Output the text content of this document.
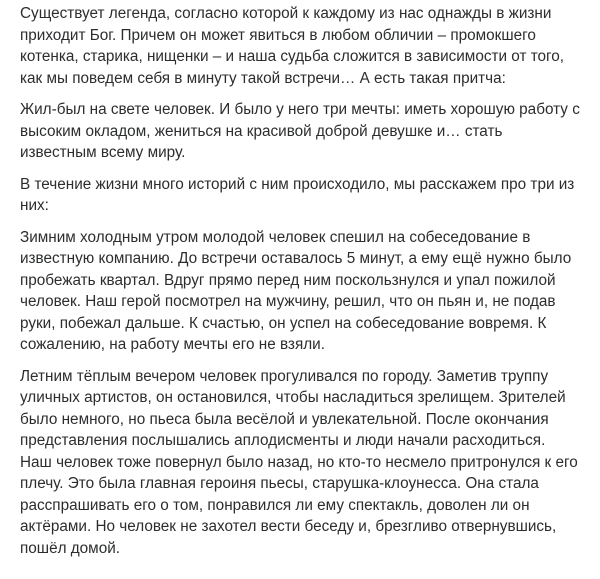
Существует легенда, согласно которой к каждому из нас однажды в жизни приходит Бог. Причем он может явиться в любом обличии – промокшего котенка, старика, нищенки – и наша судьба сложится в зависимости от того, как мы поведем себя в минуту такой встречи… А есть такая притча:

Жил-был на свете человек. И было у него три мечты: иметь хорошую работу с высоким окладом, жениться на красивой доброй девушке и… стать известным всему миру.

В течение жизни много историй с ним происходило, мы расскажем про три из них:

Зимним холодным утром молодой человек спешил на собеседование в известную компанию. До встречи оставалось 5 минут, а ему ещё нужно было пробежать квартал. Вдруг прямо перед ним поскользнулся и упал пожилой человек. Наш герой посмотрел на мужчину, решил, что он пьян и, не подав руки, побежал дальше. К счастью, он успел на собеседование вовремя. К сожалению, на работу мечты его не взяли.

Летним тёплым вечером человек прогуливался по городу. Заметив труппу уличных артистов, он остановился, чтобы насладиться зрелищем. Зрителей было немного, но пьеса была весёлой и увлекательной. После окончания представления послышались аплодисменты и люди начали расходиться. Наш человек тоже повернул было назад, но кто-то несмело притронулся к его плечу. Это была главная героиня пьесы, старушка-клоунесса. Она стала расспрашивать его о том, понравился ли ему спектакль, доволен ли он актёрами. Но человек не захотел вести беседу и, брезгливо отвернувшись, пошёл домой.
